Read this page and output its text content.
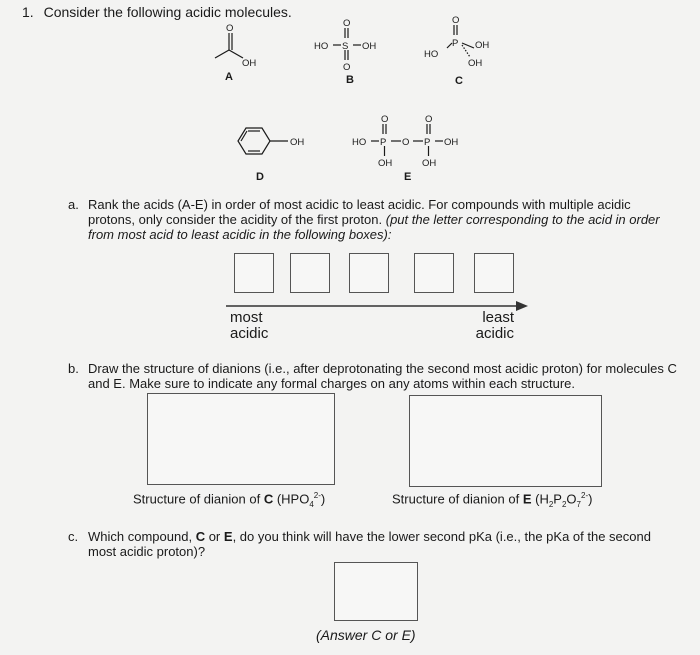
1. Consider the following acidic molecules.
O
OH
A
O
HO S OH
O
B
O
HO
P OH
OH
C
OH
D
O	O
HO P O P OH
OH	OH
E
a. Rank the acids (A-E) in order of most acidic to least acidic. For compounds with multiple acidic protons, only consider the acidity of the first proton. (put the letter corresponding to the acid in order from most acid to least acidic in the following boxes):
most
acidic
least
acidic
b. Draw the structure of dianions (i.e., after deprotonating the second most acidic proton) for molecules C and E. Make sure to indicate any formal charges on any atoms within each structure.
Structure of dianion of C $(HPO_4^{2-})$	Structure of dianion of E $(H_2P_2O_7^{2-})$
c. Which compound, C or E, do you think will have the lower second pKa (i.e., the pKa of the second most acidic proton)?
(Answer C or E)
